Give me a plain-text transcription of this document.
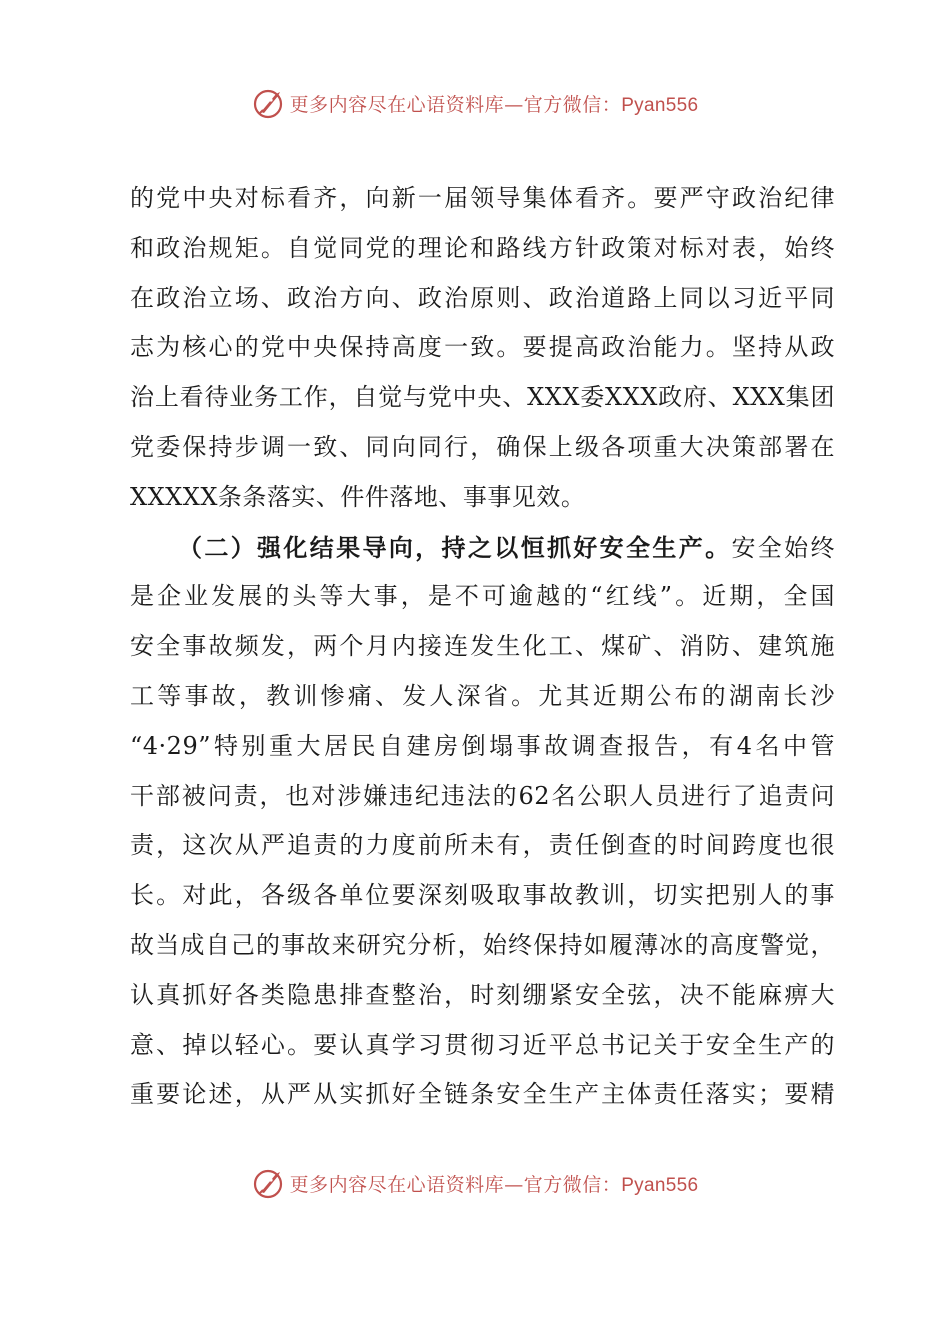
更多内容尽在心语资料库—官方微信：Pyan556
的党中央对标看齐，向新一届领导集体看齐。要严守政治纪律
和政治规矩。自觉同党的理论和路线方针政策对标对表，始终
在政治立场、政治方向、政治原则、政治道路上同以习近平同
志为核心的党中央保持高度一致。要提高政治能力。坚持从政
治上看待业务工作，自觉与党中央、XXX委XXX政府、XXX集团
党委保持步调一致、同向同行，确保上级各项重大决策部署在
XXXXX条条落实、件件落地、事事见效。
（二）强化结果导向，持之以恒抓好安全生产。安全始终
是企业发展的头等大事，是不可逾越的“红线”。近期，全国
安全事故频发，两个月内接连发生化工、煤矿、消防、建筑施
工等事故，教训惨痛、发人深省。尤其近期公布的湖南长沙
“4·29”特别重大居民自建房倒塌事故调查报告，有4名中管
干部被问责，也对涉嫌违纪违法的62名公职人员进行了追责问
责，这次从严追责的力度前所未有，责任倒查的时间跨度也很
长。对此，各级各单位要深刻吸取事故教训，切实把别人的事
故当成自己的事故来研究分析，始终保持如履薄冰的高度警觉，
认真抓好各类隐患排查整治，时刻绷紧安全弦，决不能麻痹大
意、掉以轻心。要认真学习贯彻习近平总书记关于安全生产的
重要论述，从严从实抓好全链条安全生产主体责任落实；要精
更多内容尽在心语资料库—官方微信：Pyan556
